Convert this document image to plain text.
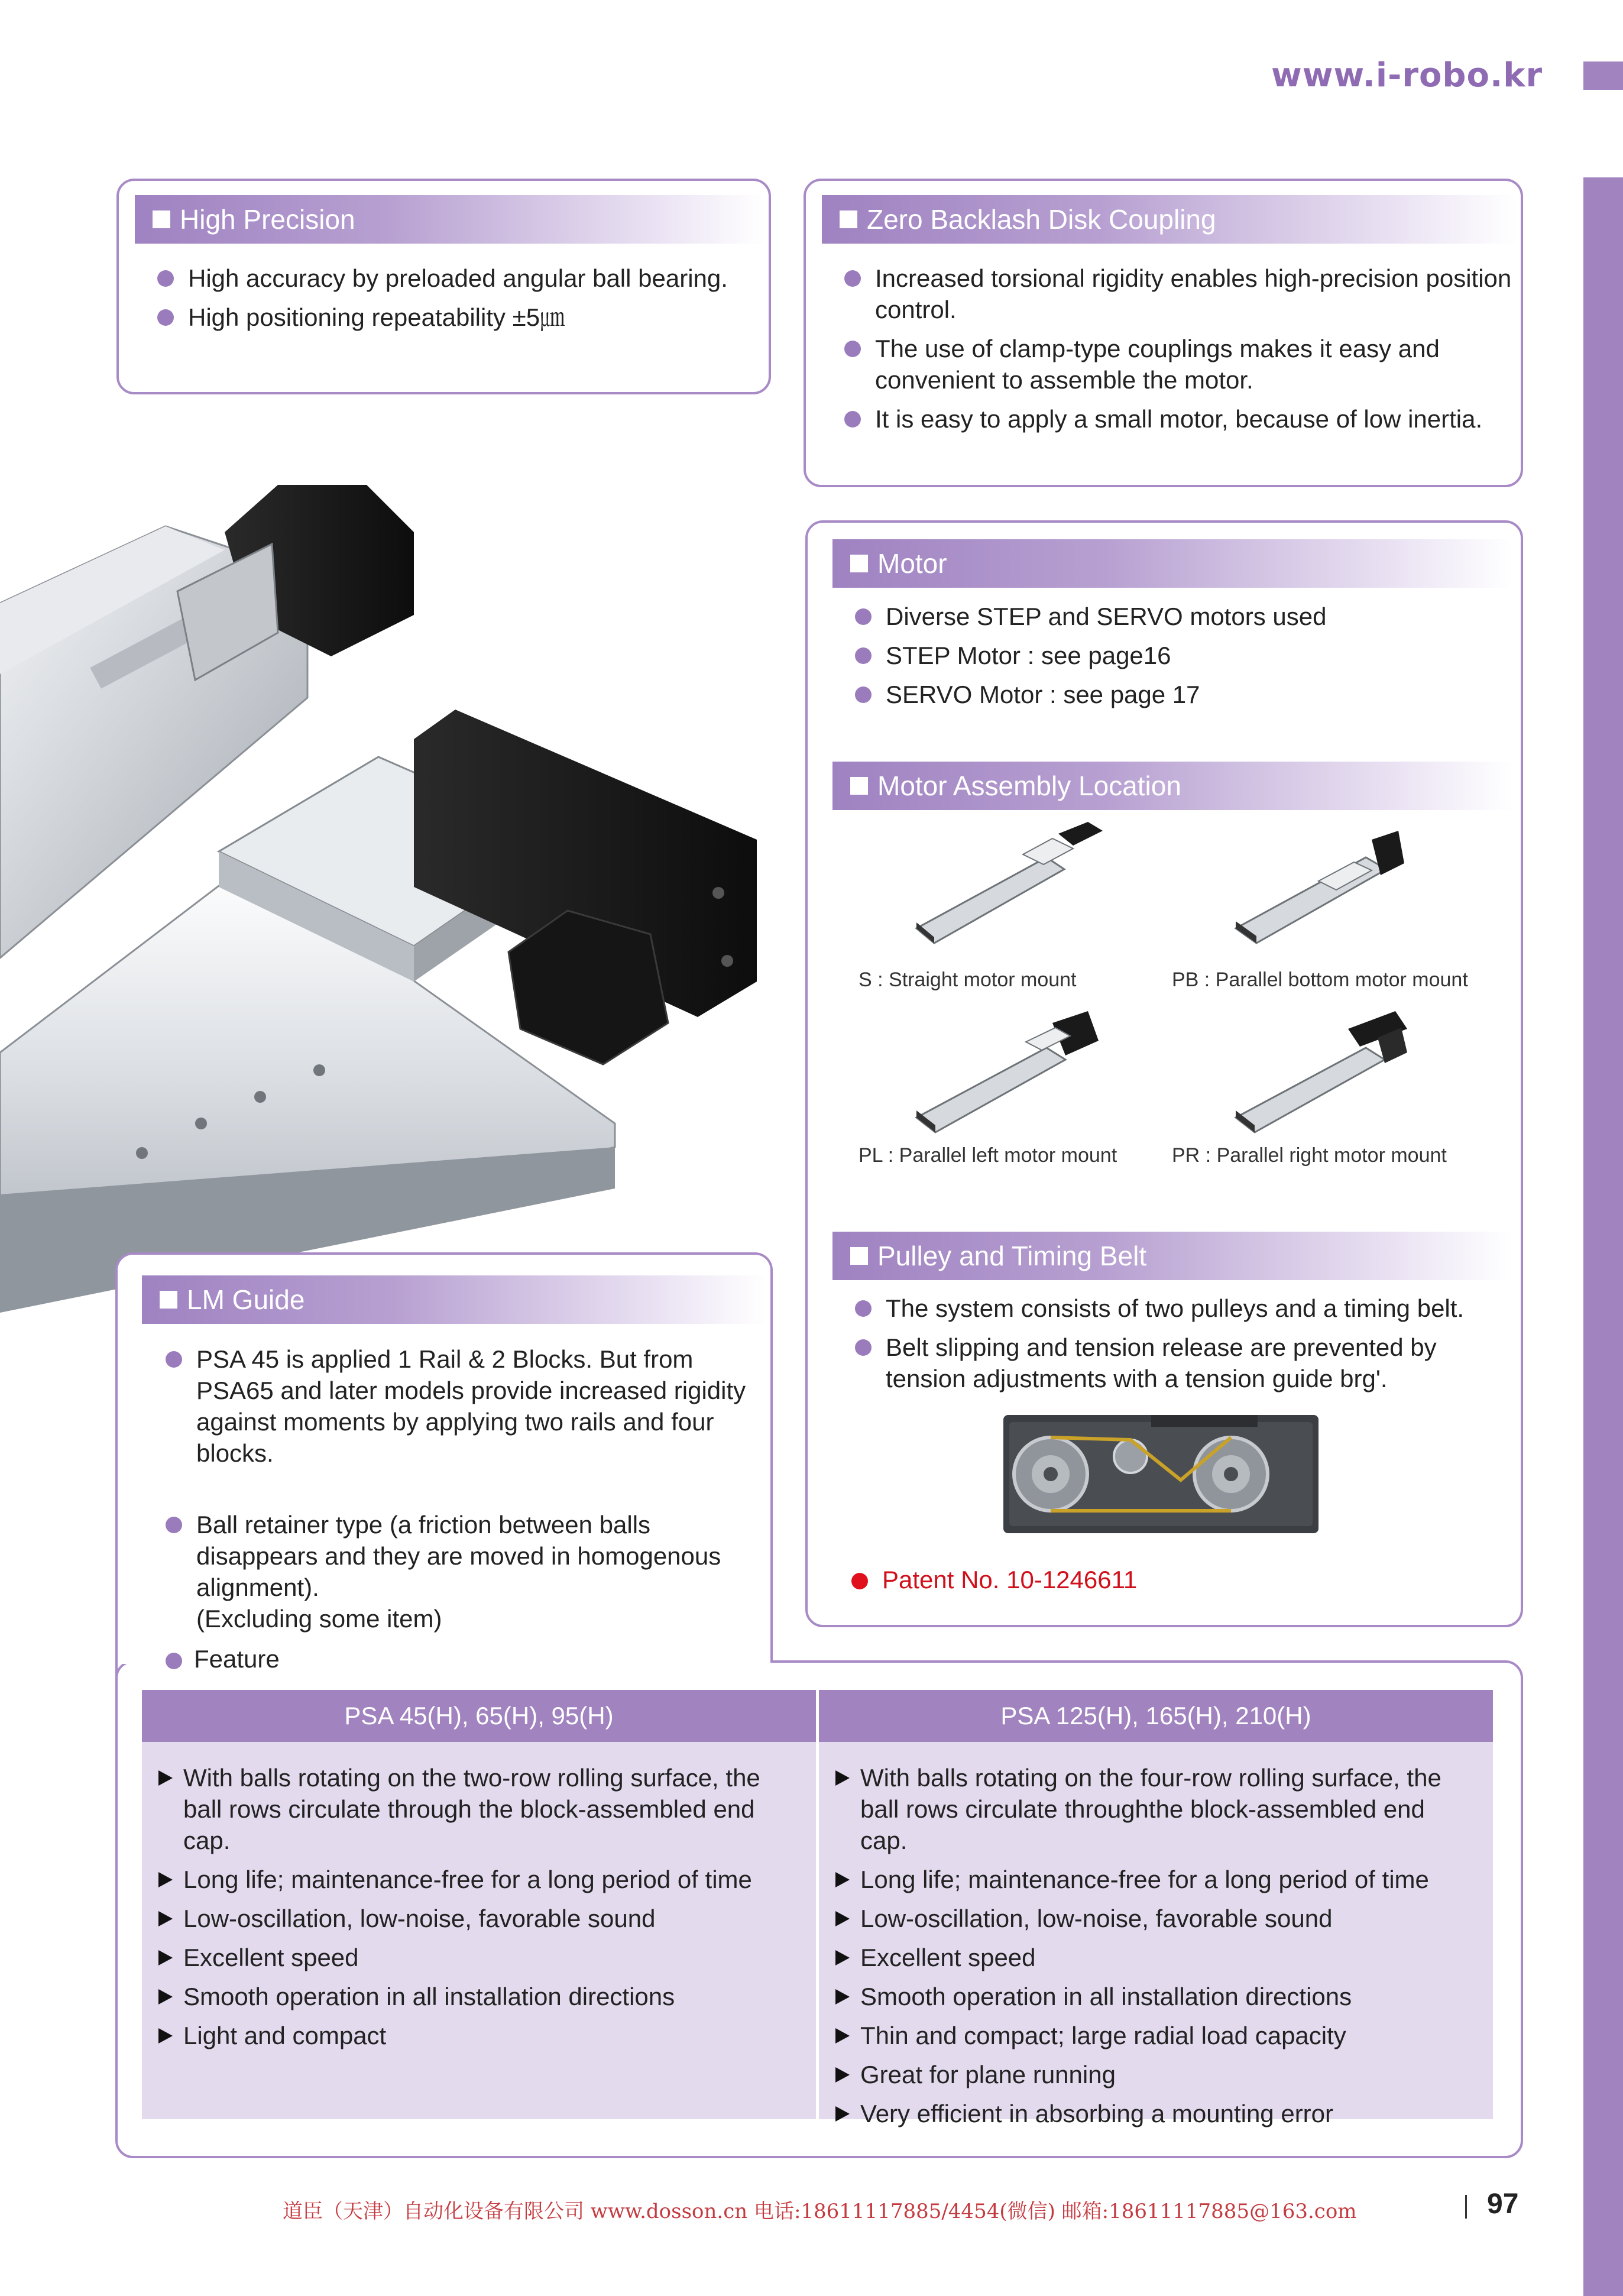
www.i-robo.kr
High Precision
High accuracy by preloaded angular ball bearing.
High positioning repeatability ±5㎛
Zero Backlash Disk Coupling
Increased torsional rigidity enables high-precision position control.
The use of clamp-type couplings makes it easy and convenient to assemble the motor.
It is easy to apply a small motor, because of low inertia.
Motor
Diverse STEP and SERVO motors used
STEP Motor : see page16
SERVO Motor : see page 17
Motor Assembly Location
S : Straight motor mount	PB : Parallel bottom motor mount
PL : Parallel left motor mount	PR : Parallel right motor mount
Pulley and Timing Belt
The system consists of two pulleys and a timing belt.
Belt slipping and tension release are prevented by tension adjustments with a tension guide brg'.
Patent No. 10-1246611
LM Guide
PSA 45 is applied 1 Rail & 2 Blocks. But from PSA65 and later models provide increased rigidity against moments by applying two rails and four blocks.
Ball retainer type (a friction between balls disappears and they are moved in homogenous alignment).
(Excluding some item)
Feature
PSA 45(H), 65(H), 95(H)
With balls rotating on the two-row rolling surface, the ball rows circulate through the block-assembled end cap.
Long life; maintenance-free for a long period of time
Low-oscillation, low-noise, favorable sound
Excellent speed
Smooth operation in all installation directions
Light and compact
PSA 125(H), 165(H), 210(H)
With balls rotating on the four-row rolling surface, the ball rows circulate throughthe block-assembled end cap.
Long life; maintenance-free for a long period of time
Low-oscillation, low-noise, favorable sound
Excellent speed
Smooth operation in all installation directions
Thin and compact; large radial load capacity
Great for plane running
Very efficient in absorbing a mounting error
道臣（天津）自动化设备有限公司 www.dosson.cn 电话:18611117885/4454(微信) 邮箱:18611117885@163.com	97
